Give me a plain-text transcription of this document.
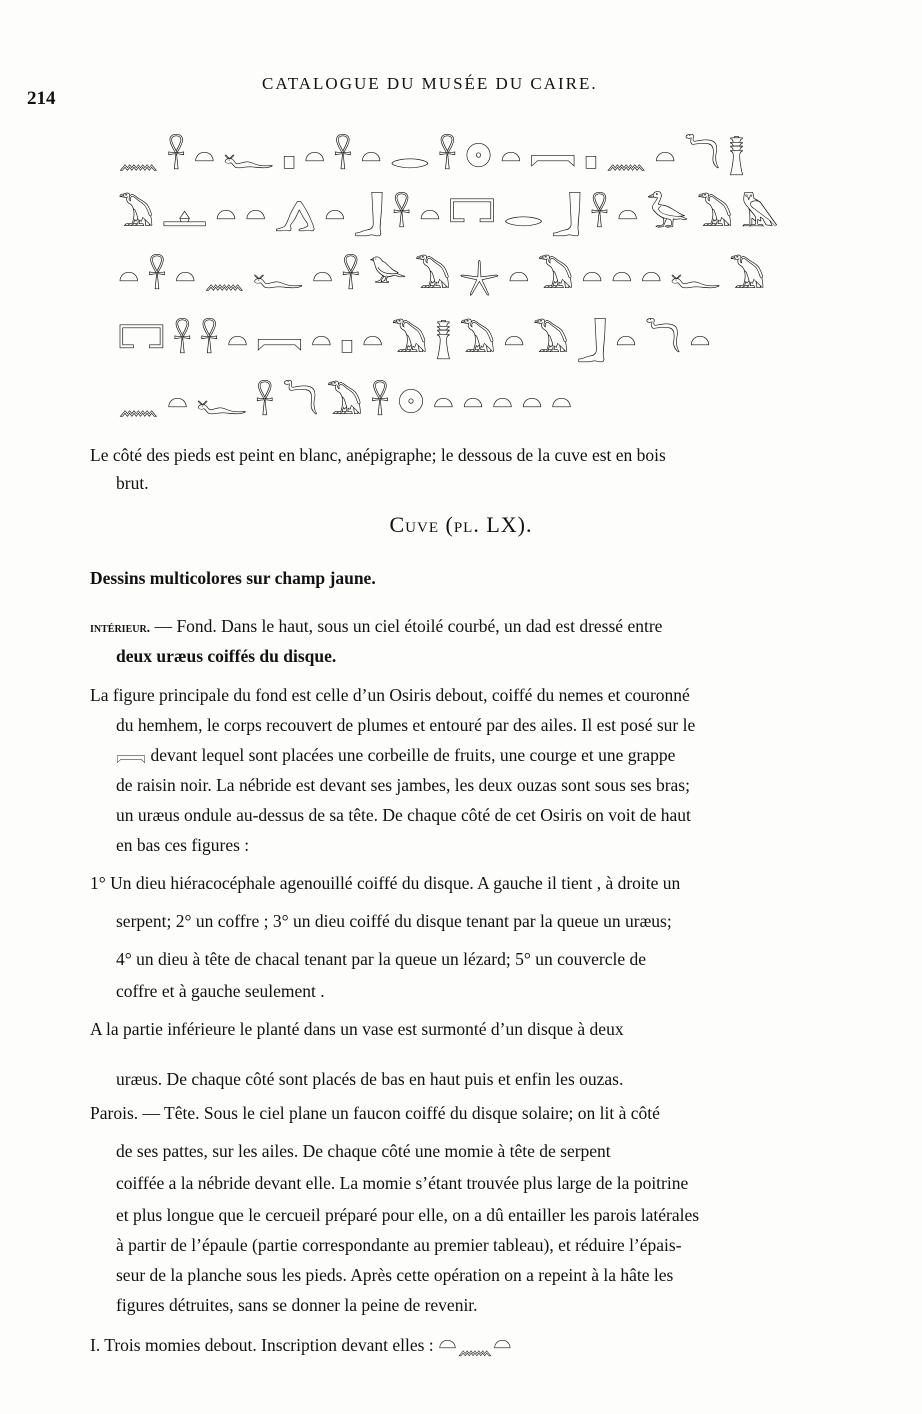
214
CATALOGUE DU MUSÉE DU CAIRE.
𓈖𓋹𓏏𓆑𓊪𓏏𓋹𓏏𓂋𓋹𓇳𓏏𓇯𓊪𓈖𓏏𓆓𓊽
𓅐𓊵𓏏𓏏𓂻𓏏𓃀𓋹𓏏𓉐𓂋𓃀𓋹𓏏𓅭𓅐𓅓
𓏏𓋹𓏏𓈖𓆑𓏏𓋹𓅪𓅐𓇼𓏏𓅐𓏏𓏏𓏏𓆑𓅐
𓉐𓋹𓋹𓏏𓇯𓏏𓊪𓏏𓅐𓊽𓅐𓏏𓅐𓃀𓏏𓆓𓏏
𓈖𓏏𓆑𓋹𓆓𓅐𓋹𓇳𓏏𓏏𓏏𓏏𓏏
Le côté des pieds est peint en blanc, anépigraphe; le dessous de la cuve est en bois
brut.
Cuve (pl. LX).
Dessins multicolores sur champ jaune.
intérieur. — Fond. Dans le haut, sous un ciel étoilé courbé, un dad est dressé entre
deux uræus coiffés du disque.
La figure principale du fond est celle d’un Osiris debout, coiffé du nemes et couronné
du hemhem, le corps recouvert de plumes et entouré par des ailes. Il est posé sur le
𓇯 devant lequel sont placées une corbeille de fruits, une courge et une grappe
de raisin noir. La nébride est devant ses jambes, les deux ouzas sont sous ses bras;
un uræus ondule au-dessus de sa tête. De chaque côté de cet Osiris on voit de haut
en bas ces figures :
1° Un dieu hiéracocéphale agenouillé coiffé du disque. A gauche il tient , à droite un
serpent; 2° un coffre ; 3° un dieu coiffé du disque tenant par la queue un uræus;
4° un dieu à tête de chacal tenant par la queue un lézard; 5° un couvercle de
coffre et à gauche seulement .
A la partie inférieure le planté dans un vase est surmonté d’un disque à deux
uræus. De chaque côté sont placés de bas en haut puis et enfin les ouzas.
Parois. — Tête. Sous le ciel plane un faucon coiffé du disque solaire; on lit à côté
de ses pattes, sur les ailes. De chaque côté une momie à tête de serpent
coiffée a la nébride devant elle. La momie s’étant trouvée plus large de la poitrine
et plus longue que le cercueil préparé pour elle, on a dû entailler les parois latérales
à partir de l’épaule (partie correspondante au premier tableau), et réduire l’épais-
seur de la planche sous les pieds. Après cette opération on a repeint à la hâte les
figures détruites, sans se donner la peine de revenir.
I. Trois momies debout. Inscription devant elles : 𓏏𓈖𓏏
